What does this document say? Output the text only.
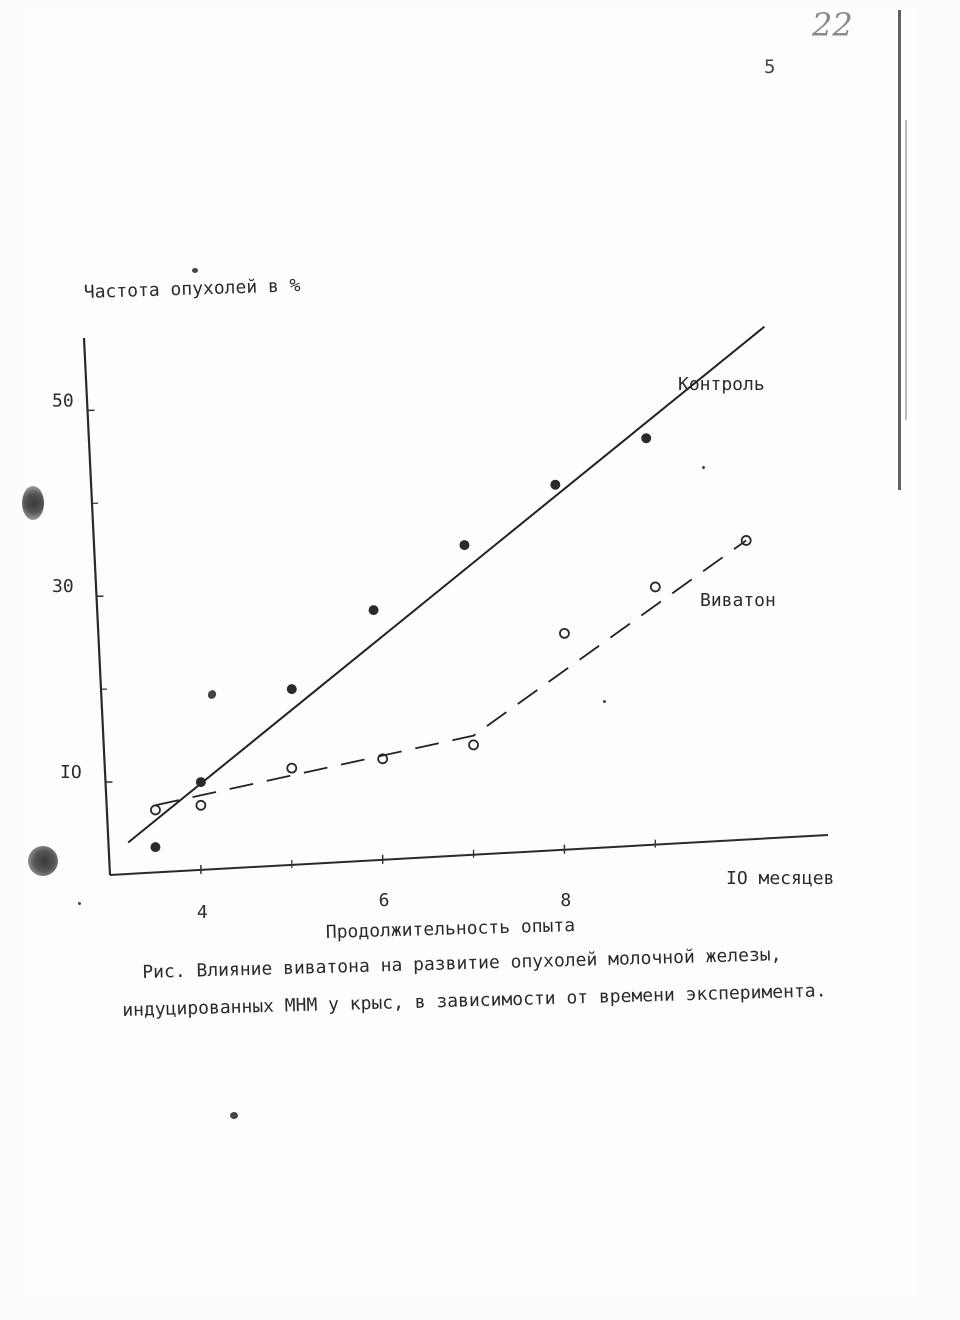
5
22
4
6	8
IO месяцев
IO
30
50
Частота опухолей в %
Продолжительность опыта
Контроль
Виватон
Рис. Влияние виватона на развитие опухолей молочной железы,
индуцированных МНМ у крыс, в зависимости от времени эксперимента.
